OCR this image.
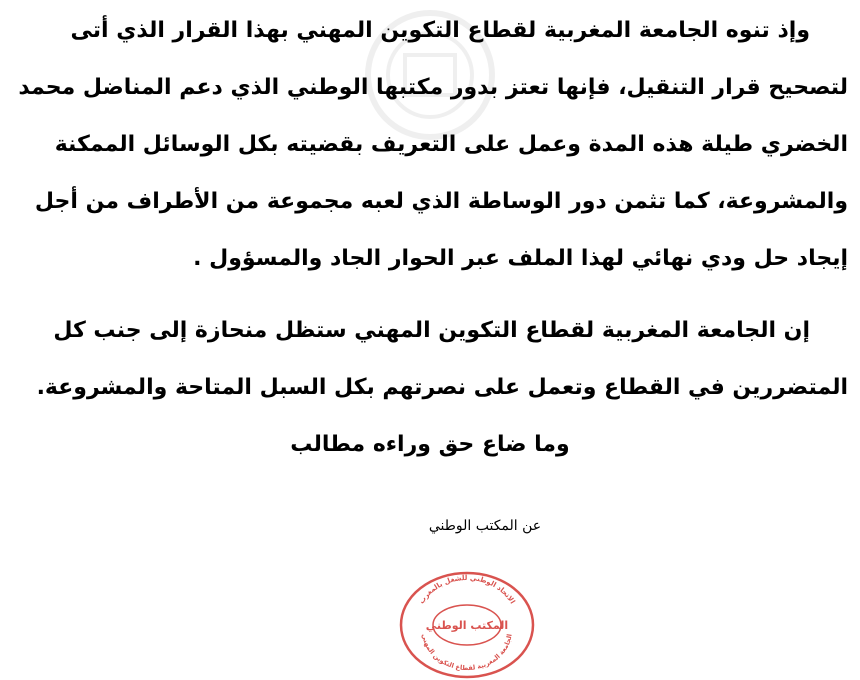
وإذ تنوه الجامعة المغربية لقطاع التكوين المهني بهذا القرار الذي أتى
لتصحيح قرار التنقيل، فإنها تعتز بدور مكتبها الوطني الذي دعم المناضل محمد
الخضري طيلة هذه المدة وعمل على التعريف بقضيته بكل الوسائل الممكنة
والمشروعة، كما تثمن دور الوساطة الذي لعبه مجموعة من الأطراف من أجل
إيجاد حل ودي نهائي لهذا الملف عبر الحوار الجاد والمسؤول .
إن الجامعة المغربية لقطاع التكوين المهني ستظل منحازة إلى جنب كل
المتضررين في القطاع وتعمل على نصرتهم بكل السبل المتاحة والمشروعة.
وما ضاع حق وراءه مطالب
عن المكتب الوطني
الاتحاد الوطني للشغل بالمغرب
الجامعة المغربية لقطاع التكوين المهني
المكتب الوطني
